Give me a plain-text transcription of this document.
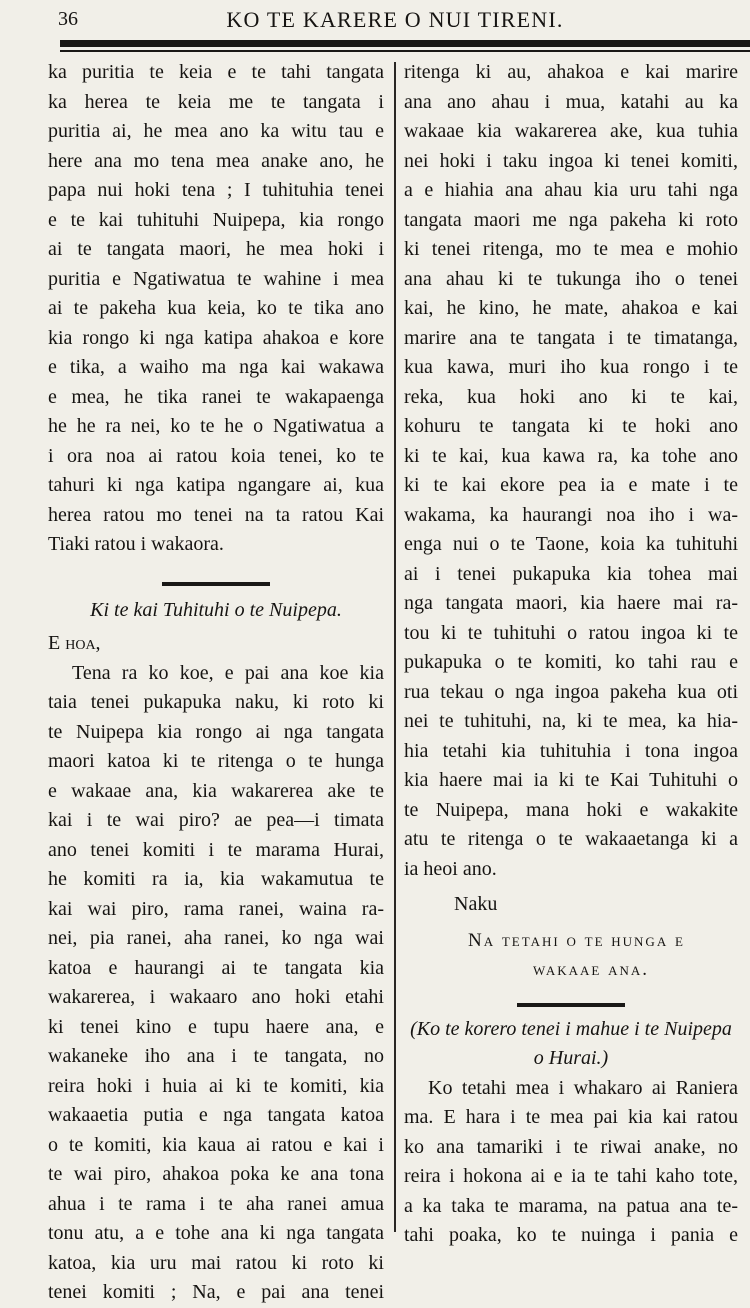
36	KO TE KARERE O NUI TIRENI.
ka puritia te keia e te tahi tangata
ka herea te keia me te tangata i
puritia ai, he mea ano ka witu tau e
here ana mo tena mea anake ano, he
papa nui hoki tena ; I tuhituhia tenei
e te kai tuhituhi Nuipepa, kia rongo
ai te tangata maori, he mea hoki i
puritia e Ngatiwatua te wahine i mea
ai te pakeha kua keia, ko te tika ano
kia rongo ki nga katipa ahakoa e kore
e tika, a waiho ma nga kai wakawa
e mea, he tika ranei te wakapaenga
he he ra nei, ko te he o Ngatiwatua a
i ora noa ai ratou koia tenei, ko te
tahuri ki nga katipa ngangare ai, kua
herea ratou mo tenei na ta ratou Kai
Tiaki ratou i wakaora.
Ki te kai Tuhituhi o te Nuipepa.
E hoa,
Tena ra ko koe, e pai ana koe kia
taia tenei pukapuka naku, ki roto ki
te Nuipepa kia rongo ai nga tangata
maori katoa ki te ritenga o te hunga
e wakaae ana, kia wakarerea ake te
kai i te wai piro? ae pea—i timata
ano tenei komiti i te marama Hurai,
he komiti ra ia, kia wakamutua te
kai wai piro, rama ranei, waina ra-
nei, pia ranei, aha ranei, ko nga wai
katoa e haurangi ai te tangata kia
wakarerea, i wakaaro ano hoki etahi
ki tenei kino e tupu haere ana, e
wakaneke iho ana i te tangata, no
reira hoki i huia ai ki te komiti, kia
wakaaetia putia e nga tangata katoa
o te komiti, kia kaua ai ratou e kai i
te wai piro, ahakoa poka ke ana tona
ahua i te rama i te aha ranei amua
tonu atu, a e tohe ana ki nga tangata
katoa, kia uru mai ratou ki roto ki
tenei komiti ; Na, e pai ana tenei
ritenga ki au, ahakoa e kai marire
ana ano ahau i mua, katahi au ka
wakaae kia wakarerea ake, kua tuhia
nei hoki i taku ingoa ki tenei komiti,
a e hiahia ana ahau kia uru tahi nga
tangata maori me nga pakeha ki roto
ki tenei ritenga, mo te mea e mohio
ana ahau ki te tukunga iho o tenei
kai, he kino, he mate, ahakoa e kai
marire ana te tangata i te timatanga,
kua kawa, muri iho kua rongo i te
reka, kua hoki ano ki te kai,
kohuru te tangata ki te hoki ano
ki te kai, kua kawa ra, ka tohe ano
ki te kai ekore pea ia e mate i te
wakama, ka haurangi noa iho i wa-
enga nui o te Taone, koia ka tuhituhi
ai i tenei pukapuka kia tohea mai
nga tangata maori, kia haere mai ra-
tou ki te tuhituhi o ratou ingoa ki te
pukapuka o te komiti, ko tahi rau e
rua tekau o nga ingoa pakeha kua oti
nei te tuhituhi, na, ki te mea, ka hia-
hia tetahi kia tuhituhia i tona ingoa
kia haere mai ia ki te Kai Tuhituhi o
te Nuipepa, mana hoki e wakakite
atu te ritenga o te wakaaetanga ki a
ia heoi ano.
Naku
Na tetahi o te hunga e
wakaae ana.
(Ko te korero tenei i mahue i te Nuipepa
o Hurai.)
Ko tetahi mea i whakaro ai Raniera
ma. E hara i te mea pai kia kai ratou
ko ana tamariki i te riwai anake, no
reira i hokona ai e ia te tahi kaho tote,
a ka taka te marama, na patua ana te-
tahi poaka, ko te nuinga i pania e
